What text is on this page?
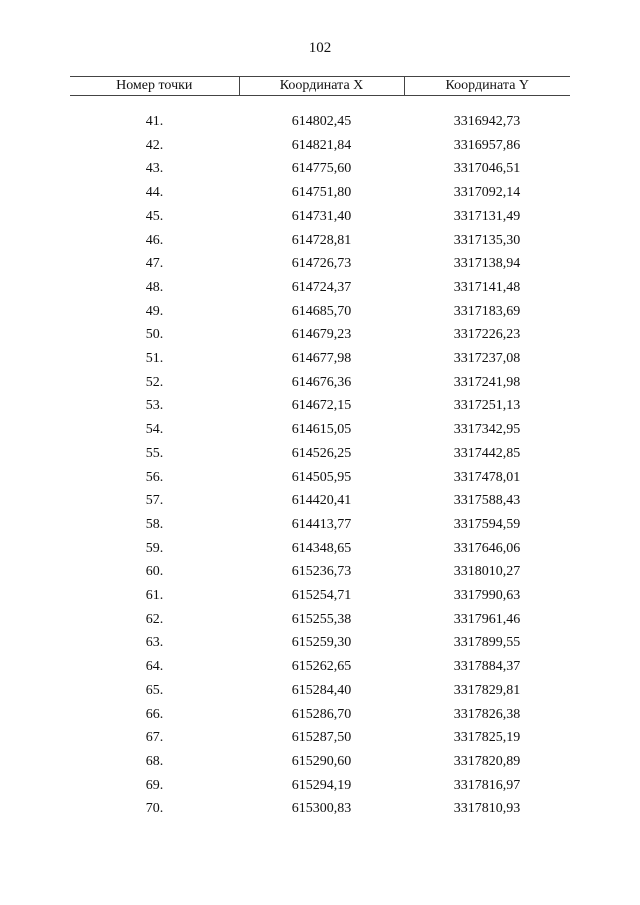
102
Номер точки	Координата X	Координата Y

41.	614802,45	3316942,73
42.	614821,84	3316957,86
43.	614775,60	3317046,51
44.	614751,80	3317092,14
45.	614731,40	3317131,49
46.	614728,81	3317135,30
47.	614726,73	3317138,94
48.	614724,37	3317141,48
49.	614685,70	3317183,69
50.	614679,23	3317226,23
51.	614677,98	3317237,08
52.	614676,36	3317241,98
53.	614672,15	3317251,13
54.	614615,05	3317342,95
55.	614526,25	3317442,85
56.	614505,95	3317478,01
57.	614420,41	3317588,43
58.	614413,77	3317594,59
59.	614348,65	3317646,06
60.	615236,73	3318010,27
61.	615254,71	3317990,63
62.	615255,38	3317961,46
63.	615259,30	3317899,55
64.	615262,65	3317884,37
65.	615284,40	3317829,81
66.	615286,70	3317826,38
67.	615287,50	3317825,19
68.	615290,60	3317820,89
69.	615294,19	3317816,97
70.	615300,83	3317810,93
